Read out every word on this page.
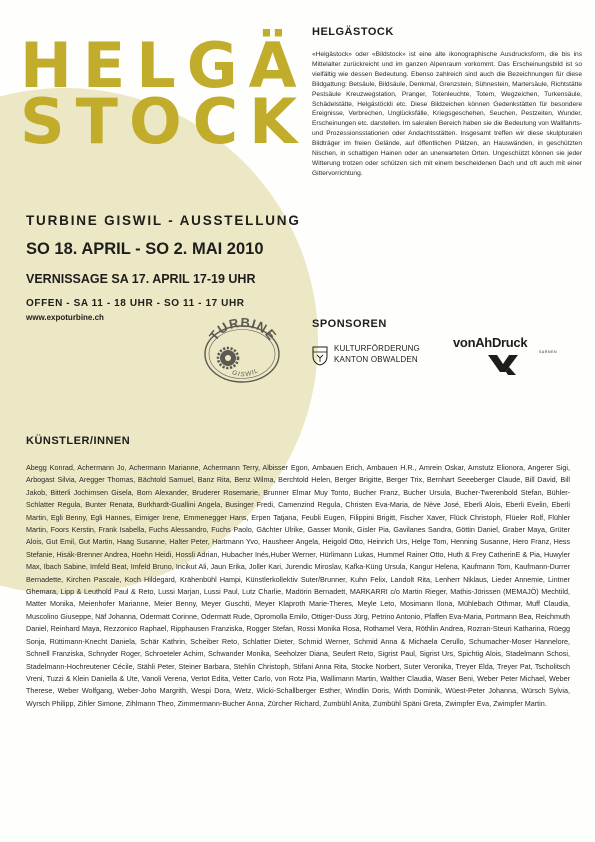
HELGÄ
STOCK
TURBINE GISWIL - AUSSTELLUNG
SO 18. APRIL - SO 2. MAI 2010
VERNISSAGE SA 17. APRIL 17-19 UHR
OFFEN - SA 11 - 18 UHR - SO 11 - 17 UHR
www.expoturbine.ch
TURBINE
GISWIL
HELGÄSTOCK

«Helgästock» oder «Bildstock» ist eine alte ikonographische Ausdrucksform, die bis ins Mittelalter zurückreicht und im ganzen Alpenraum vorkommt. Das Erscheinungsbild ist so vielfältig wie dessen Bedeutung. Ebenso zahlreich sind auch die Bezeichnungen für diese Bildgattung: Betsäule, Bildsäule, Denkmal, Grenzstein, Sühnestein, Martersäule, Richtstätte Pestsäule Kreuzwegstation, Pranger, Totenleuchte, Totem, Wegzeichen, Turkensäule, Schädelstätte, Helgästöckli etc. Diese Bildzeichen können Gedenkstätten für besondere Ereignisse, Verbrechen, Unglücksfälle, Kriegsgeschehen, Seuchen, Pestzeiten, Wunder, Erscheinungen etc. darstellen. Im sakralen Bereich haben sie die Bedeutung von Wallfahrts- und Prozessionsstationen oder Andachtsstätten. Insgesamt treffen wir diese skulpturalen Bildträger im freien Gelände, auf öffentlichen Plätzen, an Hauswänden, in geschützten Nischen, in schattigen Hainen oder an unerwarteten Orten. Ungeschützt können sie jeder Witterung trotzen oder schützen sich mit einem bescheidenen Dach und oft auch mit einer Gittervorrichtung.

SPONSOREN
KULTURFÖRDERUNG
KANTON OBWALDEN
vonAhDruck
SARNEN
KÜNSTLER/INNEN

Abegg Konrad, Achermann Jo, Achermann Marianne, Achermann Terry, Albisser Egon, Ambauen Erich, Ambauen H.R., Amrein Oskar, Amstutz Elionora, Angerer Sigi, Arbogast Silvia, Aregger Thomas, Bächtold Samuel, Banz Rita, Benz Wilma, Berchtold Helen, Berger Brigitte, Berger Trix, Bernhart Seeeberger Claude, Bill David, Bill Jakob, Bitterli Jochimsen Gisela, Born Alexander, Bruderer Rosemarie, Brunner Elmar Muy Tonto, Bucher Franz, Bucher Ursula, Bucher-Twerenbold Stefan, Bühler-Schlatter Regula, Bunter Renata, Burkhardt-Guallini Angela, Businger Fredi, Camenzind Regula, Christen Eva-Maria, de Nève José, Eberli Alois, Eberli Evelin, Eberli Martin, Egli Benny, Egli Hannes, Eimiger Irene, Emmenegger Hans, Erpen Tatjana, Feubli Eugen, Filippini Brigitt, Fischer Xaver, Flück Christoph, Flüeler Rolf, Flühler Martin, Foors Kerstin, Frank Isabella, Fuchs Alessandro, Fuchs Paolo, Gächter Ulrike, Gasser Monik, Gisler Pia, Gavilanes Sandra, Göttin Daniel, Graber Maya, Grüter Alois, Gut Emil, Gut Martin, Haag Susanne, Halter Peter, Hartmann Yvo, Hausheer Angela, Heigold Otto, Heinrich Urs, Helge Tom, Henning Susanne, Hero Franz, Hess Stefanie, Hisák-Brenner Andrea, Hoehn Heidi, Hossli Adrian, Hubacher Inés,Huber Werner, Hürlimann Lukas, Hummel Rainer Otto, Huth & Frey CatherinE & Pia, Huwyler Max, Ibach Sabine, Imfeld Beat, Imfeld Bruno, Incikut Ali, Jaun Erika, Joller Kari, Jurendic Miroslav, Kafka-Küng Ursula, Kangur Helena, Kaufmann Tom, Kaufmann-Durrer Bernadette, Kirchen Pascale, Koch Hildegard, Krähenbühl Hampi, Künstlerkollektiv Suter/Brunner, Kuhn Felix, Landolt Rita, Lenherr Niklaus, Lieder Annemie, Lintner Ghemara, Lipp & Leuthold Paul & Reto, Lussi Marjan, Lussi Paul, Lutz Charlie, Madörin Bernadett, MARKARRI c/o Martin Rieger, Mathis-Jörissen (MEMAJÖ) Mechtild, Matter Monika, Meienhofer Marianne, Meier Benny, Meyer Guschti, Meyer Klaproth Marie-Theres, Meyle Leto, Mosimann Ilona, Mühlebach Othmar, Muff Claudia, Muscolino Giuseppe, Näf Johanna, Odermatt Corinne, Odermatt Rude, Opromolla Emilo, Ottiger-Duss Jürg, Petrino Antonio, Pfaffen Eva-Maria, Portmann Bea, Reichmuth Daniel, Reinhard Maya, Rezzonico Raphael, Ripphausen Franziska, Rogger Stefan, Rossi Monika Rosa, Rothamel Vera, Röthlin Andrea, Rozran-Steuri Katharina, Rüegg Sonja, Rüttimann-Knecht Daniela, Schär Kathrin, Scheiber Reto, Schlatter Dieter, Schmid Werner, Schmid Anna & Michaela Cerullo, Schumacher-Moser Hannelore, Schnell Franziska, Schnyder Roger, Schroeteler Achim, Schwander Monika, Seeholzer Diana, Seufert Reto, Sigrist Paul, Sigrist Urs, Spichtig Alois, Stadelmann Schosi, Stadelmann-Hochreutener Cécile, Stähli Peter, Steiner Barbara, Stehlin Christoph, Stifani Anna Rita, Stocke Norbert, Suter Veronika, Treyer Elda, Treyer Pat, Tscholitsch Vreni, Tuzzi & Klein Daniella & Ute, Vanoli Verena, Vertot Edita, Vetter Carlo, von Rotz Pia, Wallimann Martin, Walther Claudia, Waser Beni, Weber Peter Michael, Weber Therese, Weber Wolfgang, Weber-Joho Margrith, Wespi Dora, Wetz, Wicki-Schallberger Esther, Windlin Doris, Wirth Dominik, Wüest-Peter Johanna, Würsch Sylvia, Wyrsch Philipp, Zihler Simone, Zihlmann Theo, Zimmermann-Bucher Anna, Zürcher Richard, Zumbühl Anita, Zumbühl Späni Greta, Zwimpfer Eva, Zwimpfer Martin.
